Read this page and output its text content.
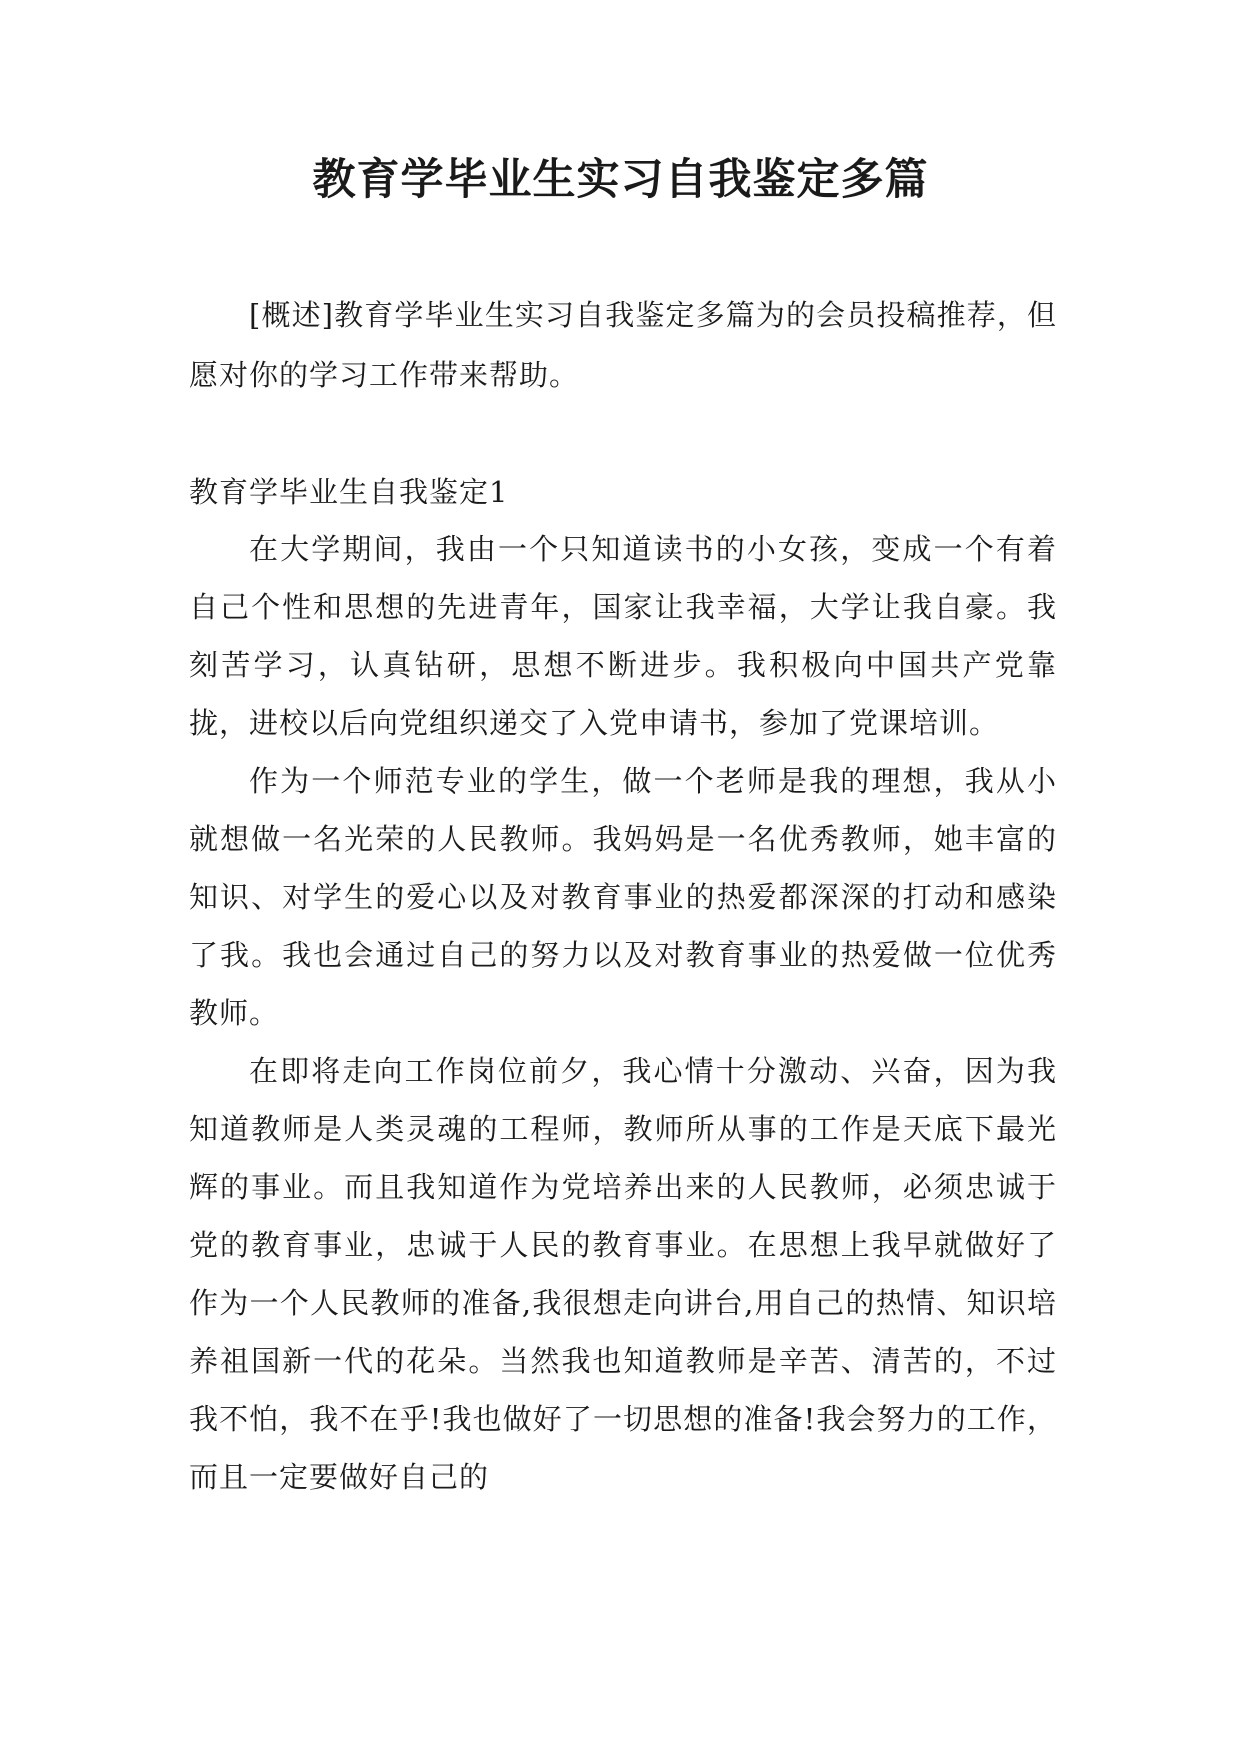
教育学毕业生实习自我鉴定多篇

[概述]教育学毕业生实习自我鉴定多篇为的会员投稿推荐，但愿对你的学习工作带来帮助。

教育学毕业生自我鉴定1

在大学期间，我由一个只知道读书的小女孩，变成一个有着自己个性和思想的先进青年，国家让我幸福，大学让我自豪。我刻苦学习，认真钻研，思想不断进步。我积极向中国共产党靠拢，进校以后向党组织递交了入党申请书，参加了党课培训。

作为一个师范专业的学生，做一个老师是我的理想，我从小就想做一名光荣的人民教师。我妈妈是一名优秀教师，她丰富的知识、对学生的爱心以及对教育事业的热爱都深深的打动和感染了我。我也会通过自己的努力以及对教育事业的热爱做一位优秀教师。

在即将走向工作岗位前夕，我心情十分激动、兴奋，因为我知道教师是人类灵魂的工程师，教师所从事的工作是天底下最光辉的事业。而且我知道作为党培养出来的人民教师，必须忠诚于党的教育事业，忠诚于人民的教育事业。在思想上我早就做好了作为一个人民教师的准备,我很想走向讲台,用自己的热情、知识培养祖国新一代的花朵。当然我也知道教师是辛苦、清苦的，不过我不怕，我不在乎!我也做好了一切思想的准备!我会努力的工作，而且一定要做好自己的
